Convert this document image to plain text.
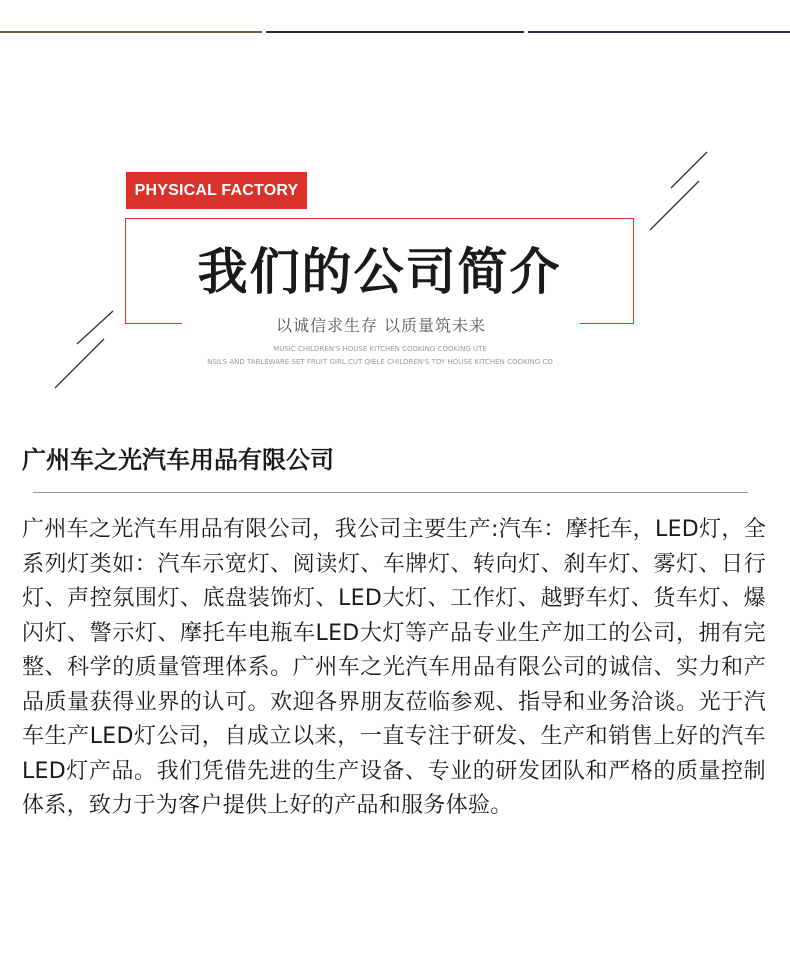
PHYSICAL FACTORY
我们的公司简介
以诚信求生存 以质量筑未来
MUSIC CHILDREN'S HOUSE KITCHEN COOKING COOKING UTE
NSILS AND TABLEWARE SET FRUIT GIRL CUT QIELE CHILDREN'S TOY HOUSE KITCHEN COOKING CO
广州车之光汽车用品有限公司
广州车之光汽车用品有限公司，我公司主要生产:汽车：摩托车，LED灯，全系列灯类如：汽车示宽灯、阅读灯、车牌灯、转向灯、刹车灯、雾灯、日行灯、声控氛围灯、底盘装饰灯、LED大灯、工作灯、越野车灯、货车灯、爆闪灯、警示灯、摩托车电瓶车LED大灯等产品专业生产加工的公司，拥有完整、科学的质量管理体系。广州车之光汽车用品有限公司的诚信、实力和产品质量获得业界的认可。欢迎各界朋友莅临参观、指导和业务洽谈。光于汽车生产LED灯公司，自成立以来，一直专注于研发、生产和销售上好的汽车LED灯产品。我们凭借先进的生产设备、专业的研发团队和严格的质量控制体系，致力于为客户提供上好的产品和服务体验。
